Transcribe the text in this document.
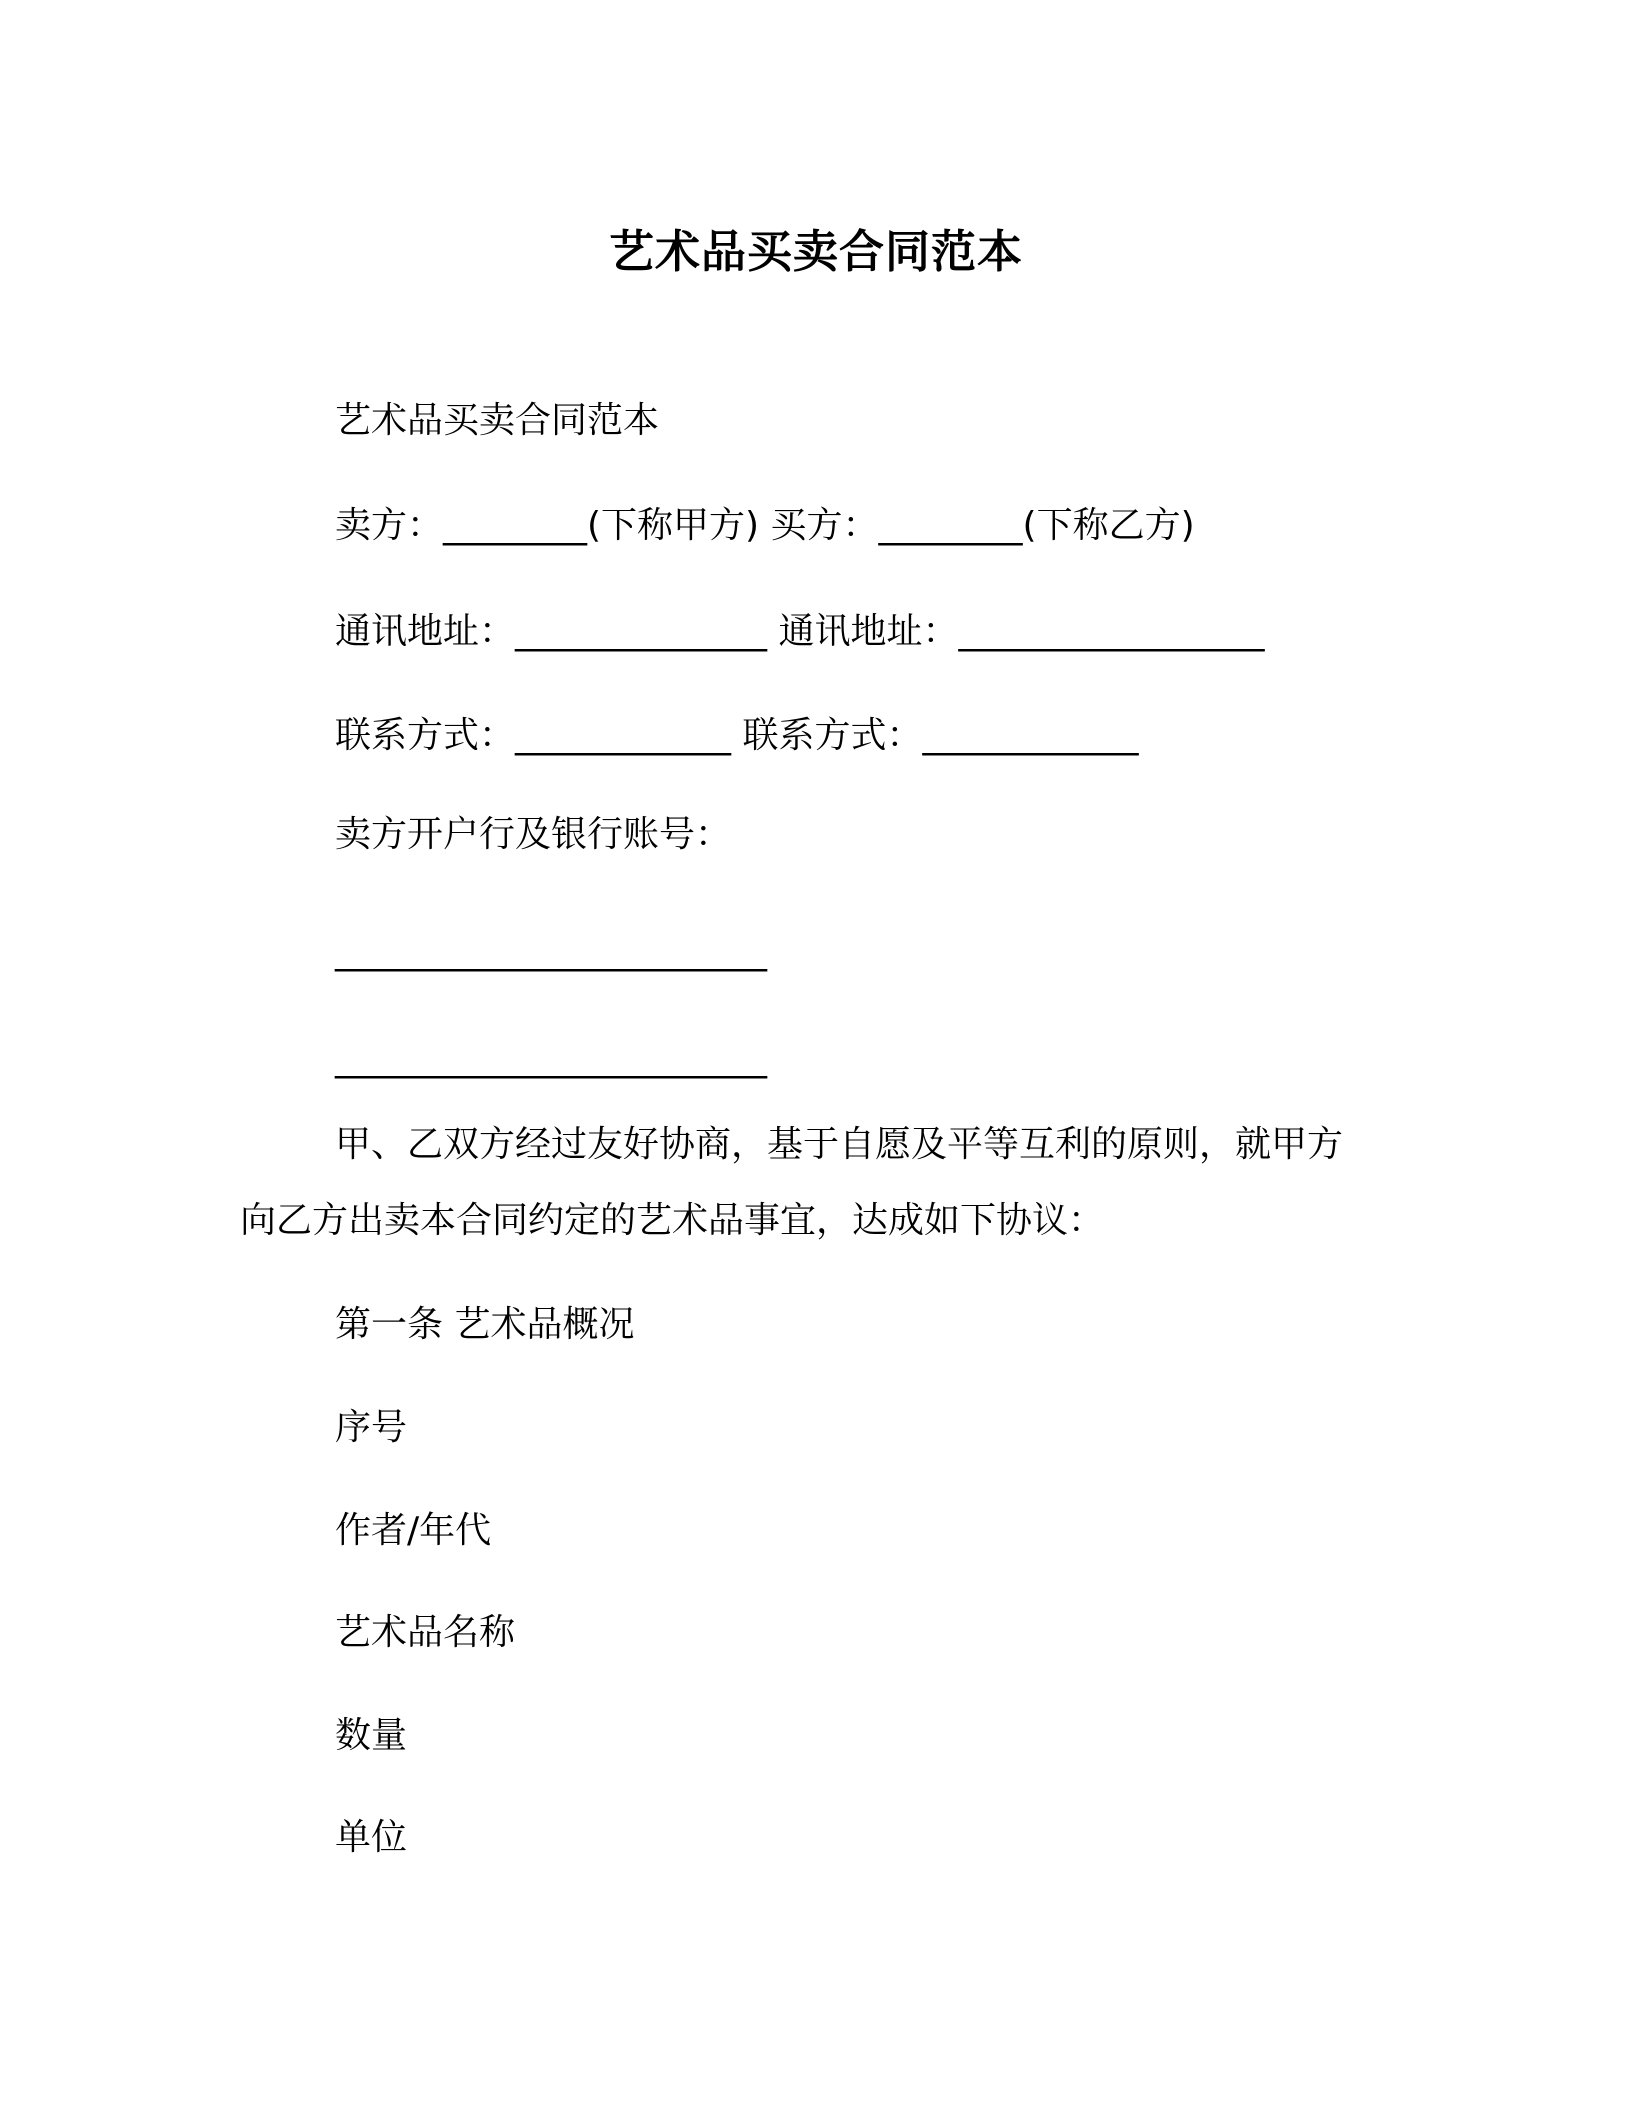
艺术品买卖合同范本
艺术品买卖合同范本
卖方：________(下称甲方) 买方：________(下称乙方)
通讯地址：______________ 通讯地址：_________________
联系方式：____________ 联系方式：____________
卖方开户行及银行账号：
________________________
________________________
甲、乙双方经过友好协商，基于自愿及平等互利的原则，就甲方
向乙方出卖本合同约定的艺术品事宜，达成如下协议：
第一条 艺术品概况
序号
作者/年代
艺术品名称
数量
单位
